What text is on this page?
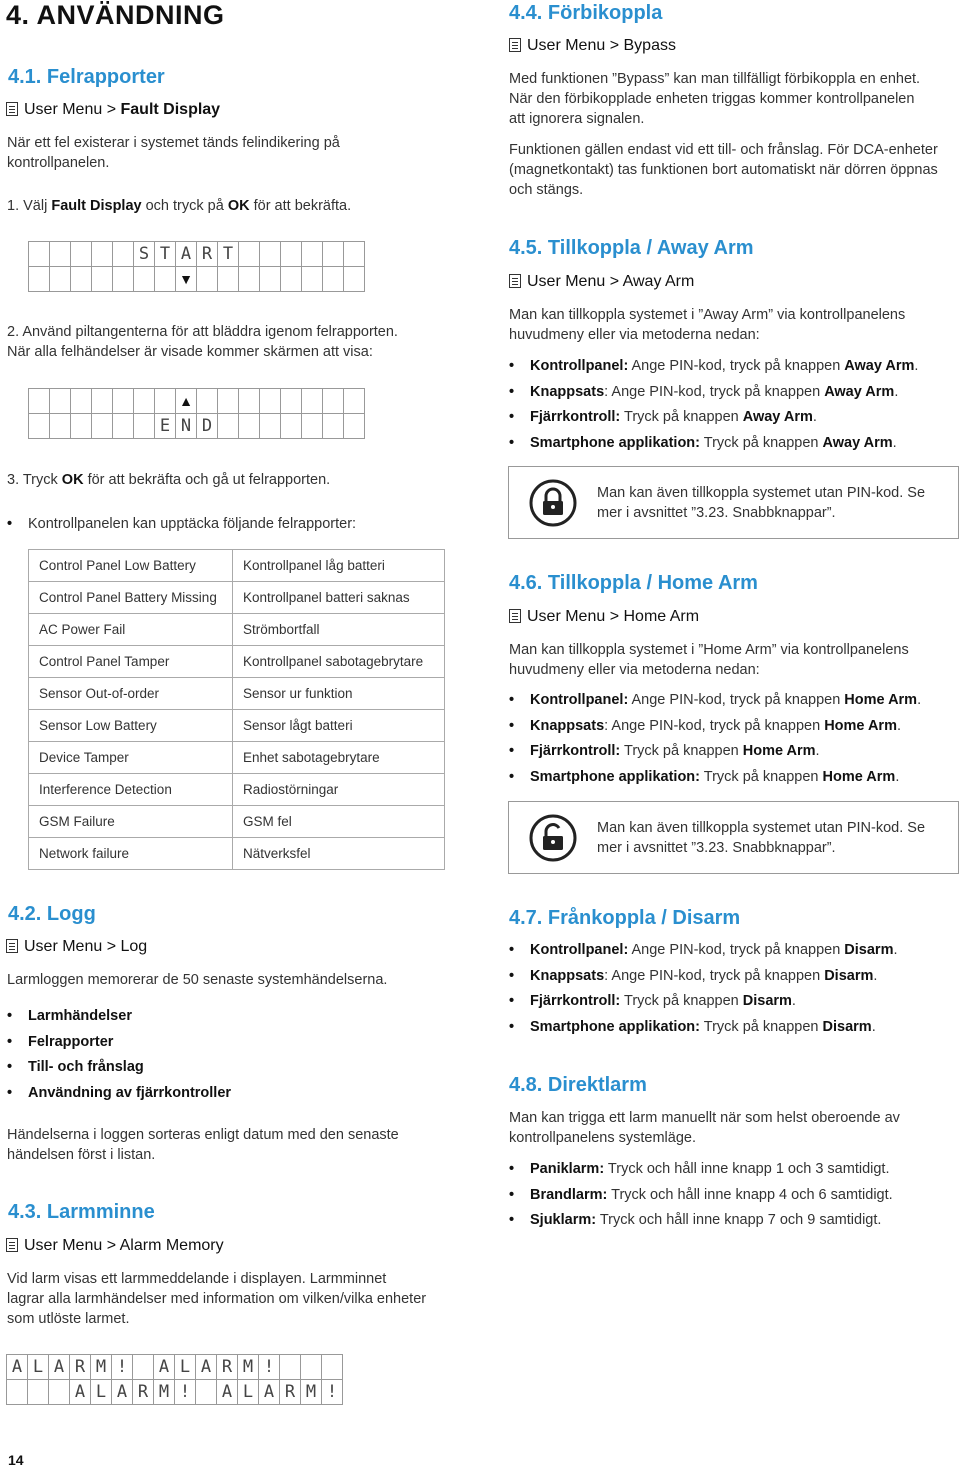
4. ANVÄNDNING
4.1. Felrapporter
User Menu > Fault Display
När ett fel existerar i systemet tänds felindikering på kontrollpanelen.
1. Välj Fault Display och tryck på OK för att bekräfta.
					S	T	A	R	T						
							▼								
2. Använd piltangenterna för att bläddra igenom felrapporten.
När alla felhändelser är visade kommer skärmen att visa:
							▲								
						E	N	D							
3. Tryck OK för att bekräfta och gå ut felrapporten.
• Kontrollpanelen kan upptäcka följande felrapporter:
Control Panel Low Battery	Kontrollpanel låg batteri
Control Panel Battery Missing	Kontrollpanel batteri saknas
AC Power Fail	Strömbortfall
Control Panel Tamper	Kontrollpanel sabotagebrytare
Sensor Out-of-order	Sensor ur funktion
Sensor Low Battery	Sensor lågt batteri
Device Tamper	Enhet sabotagebrytare
Interference Detection	Radiostörningar
GSM Failure	GSM fel
Network failure	Nätverksfel
4.2. Logg
User Menu > Log
Larmloggen memorerar de 50 senaste systemhändelserna.
• Larmhändelser
• Felrapporter
• Till- och frånslag
• Användning av fjärrkontroller
Händelserna i loggen sorteras enligt datum med den senaste händelsen först i listan.
4.3. Larmminne
User Menu > Alarm Memory
Vid larm visas ett larmmeddelande i displayen. Larmminnet lagrar alla larmhändelser med information om vilken/vilka enheter som utlöste larmet.
A	L	A	R	M	!		A	L	A	R	M	!			
			A	L	A	R	M	!		A	L	A	R	M	!
14
4.4. Förbikoppla
User Menu > Bypass
Med funktionen ”Bypass” kan man tillfälligt förbikoppla en enhet. När den förbikopplade enheten triggas kommer kontrollpanelen att ignorera signalen.
Funktionen gällen endast vid ett till- och frånslag. För DCA-enheter (magnetkontakt) tas funktionen bort automatiskt när dörren öppnas och stängs.
4.5. Tillkoppla / Away Arm
User Menu > Away Arm
Man kan tillkoppla systemet i ”Away Arm” via kontrollpanelens huvudmeny eller via metoderna nedan:
• Kontrollpanel: Ange PIN-kod, tryck på knappen Away Arm.
• Knappsats: Ange PIN-kod, tryck på knappen Away Arm.
• Fjärrkontroll: Tryck på knappen Away Arm.
• Smartphone applikation: Tryck på knappen Away Arm.
Man kan även tillkoppla systemet utan PIN-kod. Se mer i avsnittet ”3.23. Snabbknappar”.
4.6. Tillkoppla / Home Arm
User Menu > Home Arm
Man kan tillkoppla systemet i ”Home Arm” via kontrollpanelens huvudmeny eller via metoderna nedan:
• Kontrollpanel: Ange PIN-kod, tryck på knappen Home Arm.
• Knappsats: Ange PIN-kod, tryck på knappen Home Arm.
• Fjärrkontroll: Tryck på knappen Home Arm.
• Smartphone applikation: Tryck på knappen Home Arm.
Man kan även tillkoppla systemet utan PIN-kod. Se mer i avsnittet ”3.23. Snabbknappar”.
4.7. Frånkoppla / Disarm
• Kontrollpanel: Ange PIN-kod, tryck på knappen Disarm.
• Knappsats: Ange PIN-kod, tryck på knappen Disarm.
• Fjärrkontroll: Tryck på knappen Disarm.
• Smartphone applikation: Tryck på knappen Disarm.
4.8. Direktlarm
Man kan trigga ett larm manuellt när som helst oberoende av kontrollpanelens systemläge.
• Paniklarm: Tryck och håll inne knapp 1 och 3 samtidigt.
• Brandlarm: Tryck och håll inne knapp 4 och 6 samtidigt.
• Sjuklarm: Tryck och håll inne knapp 7 och 9 samtidigt.
